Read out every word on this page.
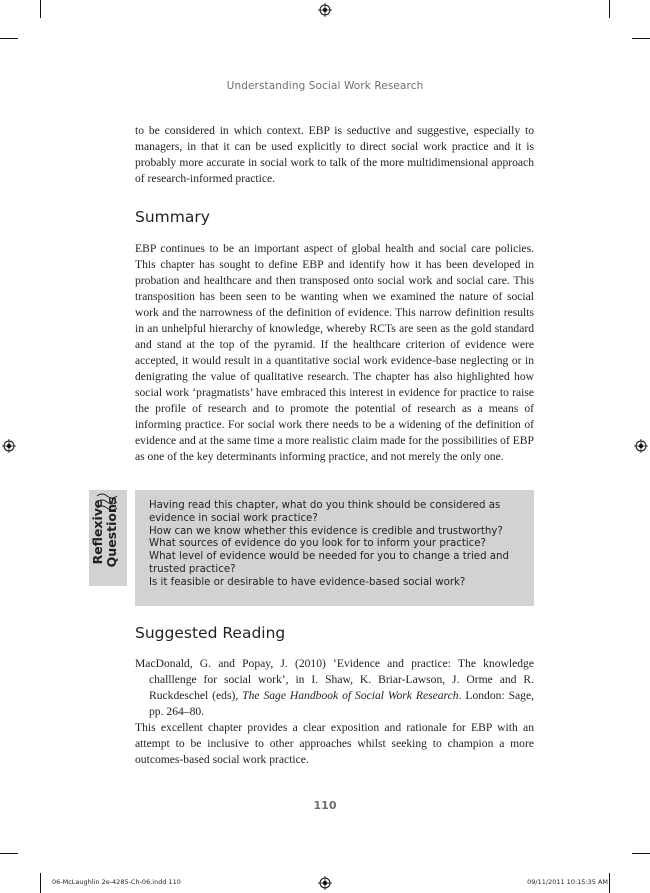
Understanding Social Work Research

to be considered in which context. EBP is seductive and suggestive, especially to managers, in that it can be used explicitly to direct social work practice and it is probably more accurate in social work to talk of the more multidimensional approach of research-informed practice.

Summary

EBP continues to be an important aspect of global health and social care policies. This chapter has sought to define EBP and identify how it has been developed in probation and healthcare and then transposed onto social work and social care. This transposition has been seen to be wanting when we examined the nature of social work and the narrowness of the definition of evidence. This narrow definition results in an unhelpful hierarchy of knowledge, whereby RCTs are seen as the gold standard and stand at the top of the pyramid. If the healthcare criterion of evidence were accepted, it would result in a quantitative social work evidence-base neglecting or in denigrating the value of qualitative research. The chapter has also highlighted how social work ‘pragmatists’ have embraced this interest in evidence for practice to raise the profile of research and to promote the potential of research as a means of informing practice. For social work there needs to be a widening of the definition of evidence and at the same time a more realistic claim made for the possibilities of EBP as one of the key determinants informing practice, and not merely the only one.

Reflexive Questions	Having read this chapter, what do you think should be considered as evidence in social work practice?
How can we know whether this evidence is credible and trustworthy?
What sources of evidence do you look for to inform your practice?
What level of evidence would be needed for you to change a tried and trusted practice?
Is it feasible or desirable to have evidence-based social work?
Suggested Reading

MacDonald, G. and Popay, J. (2010) ‘Evidence and practice: The knowledge challlenge for social work’, in I. Shaw, K. Briar-Lawson, J. Orme and R. Ruckdeschel (eds), The Sage Handbook of Social Work Research. London: Sage, pp. 264–80.

This excellent chapter provides a clear exposition and rationale for EBP with an attempt to be inclusive to other approaches whilst seeking to champion a more outcomes-based social work practice.

110
06-McLaughlin 2e-4285-Ch-06.indd 110	09/11/2011 10:15:35 AM
